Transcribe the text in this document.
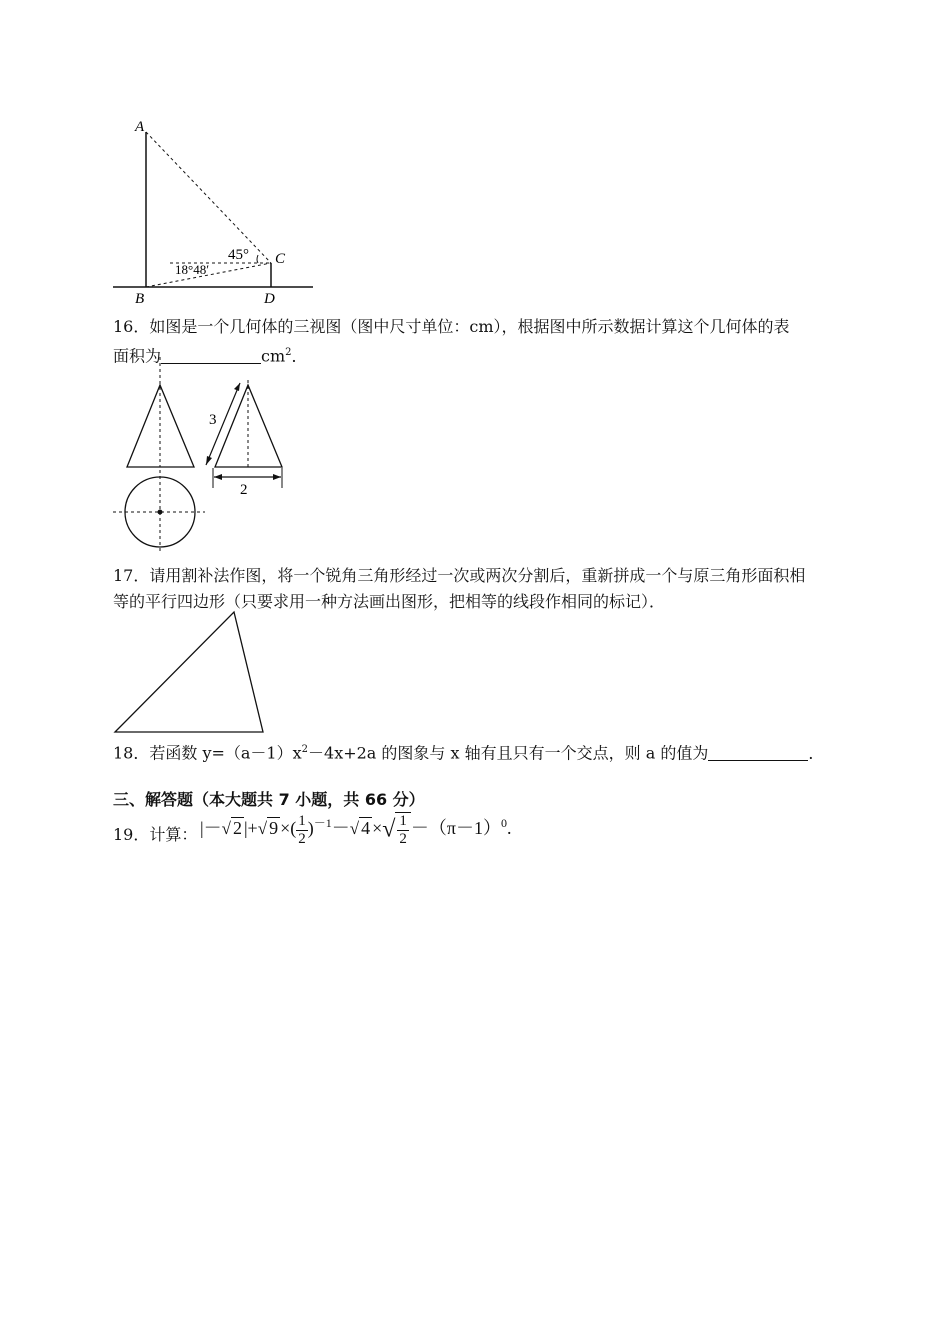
A
B
C
D
45°
18°48′
16．如图是一个几何体的三视图（图中尺寸单位：cm），根据图中所示数据计算这个几何体的表
面积为	$cm^2$．
3
2
17．请用割补法作图，将一个锐角三角形经过一次或两次分割后，重新拼成一个与原三角形面积相
等的平行四边形（只要求用一种方法画出图形，把相等的线段作相同的标记）．
18．若函数 $y=(a-1)x^2-4x+2a$ 的图象与 x 轴有且只有一个交点，则 a 的值为	．
三、解答题（本大题共 7 小题，共 66 分）
19．计算： |－√ 2 |+√ 9 ×( $\frac{1}{2} )^{-1}-√$ 4 ×√ $\frac{1}{2} -(\pi-1)^0$.
